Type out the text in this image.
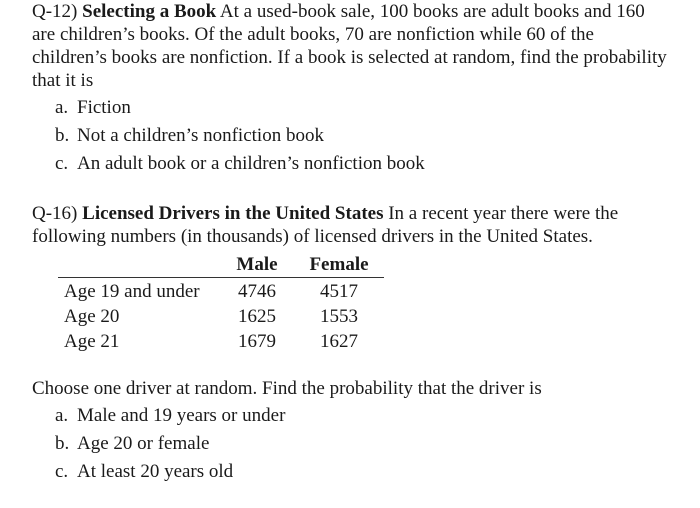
Q-12) Selecting a Book At a used-book sale, 100 books are adult books and 160 are children’s books. Of the adult books, 70 are nonfiction while 60 of the children’s books are nonfiction. If a book is selected at random, find the probability that it is

a. Fiction
b. Not a children’s nonfiction book
c. An adult book or a children’s nonfiction book

Q-16) Licensed Drivers in the United States In a recent year there were the following numbers (in thousands) of licensed drivers in the United States.

	Male	Female
Age 19 and under	4746	4517
Age 20	1625	1553
Age 21	1679	1627

Choose one driver at random. Find the probability that the driver is

a. Male and 19 years or under
b. Age 20 or female
c. At least 20 years old
